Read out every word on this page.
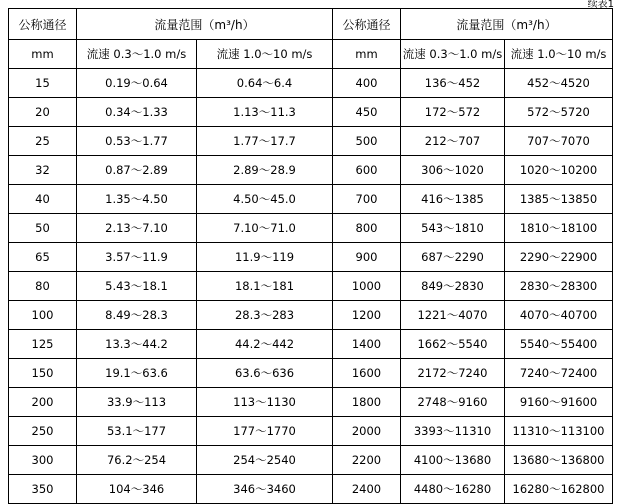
续表1
公称通径	流量范围（m³/h）		公称通径	流量范围（m³/h）	
mm	流速 0.3～1.0 m/s	流速 1.0～10 m/s	mm	流速 0.3～1.0 m/s	流速 1.0～10 m/s
15	0.19～0.64	0.64～6.4	400	136～452	452～4520
20	0.34～1.33	1.13～11.3	450	172～572	572～5720
25	0.53～1.77	1.77～17.7	500	212～707	707～7070
32	0.87～2.89	2.89～28.9	600	306～1020	1020～10200
40	1.35～4.50	4.50～45.0	700	416～1385	1385～13850
50	2.13～7.10	7.10～71.0	800	543～1810	1810～18100
65	3.57～11.9	11.9～119	900	687～2290	2290～22900
80	5.43～18.1	18.1～181	1000	849～2830	2830～28300
100	8.49～28.3	28.3～283	1200	1221～4070	4070～40700
125	13.3～44.2	44.2～442	1400	1662～5540	5540～55400
150	19.1～63.6	63.6～636	1600	2172～7240	7240～72400
200	33.9～113	113～1130	1800	2748～9160	9160～91600
250	53.1～177	177～1770	2000	3393～11310	11310～113100
300	76.2～254	254～2540	2200	4100～13680	13680～136800
350	104～346	346～3460	2400	4480～16280	16280～162800
